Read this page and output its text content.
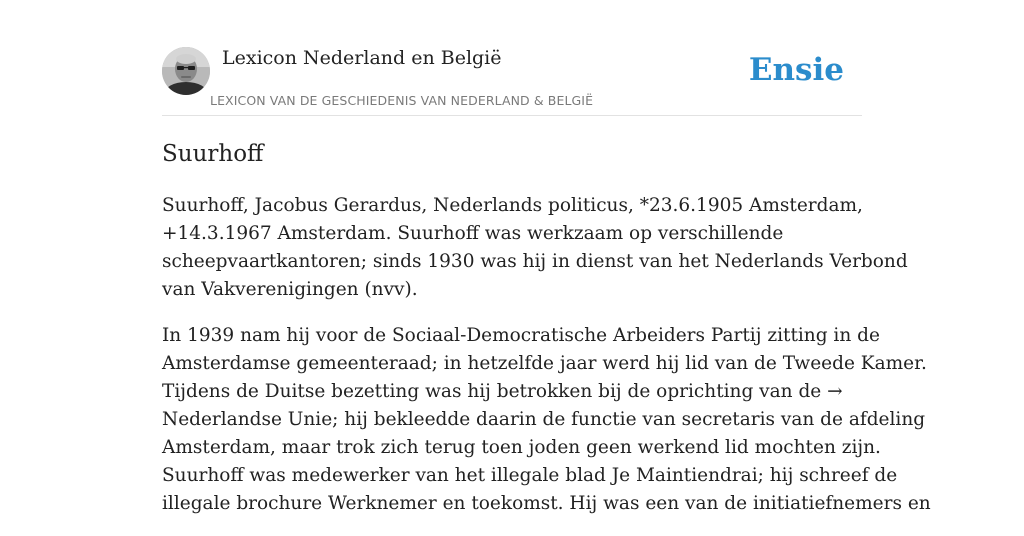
Lexicon Nederland en België
LEXICON VAN DE GESCHIEDENIS VAN NEDERLAND & BELGIË
Ensie
Suurhoff

Suurhoff, Jacobus Gerardus, Nederlands politicus, *23.6.1905 Amsterdam,
+14.3.1967 Amsterdam. Suurhoff was werkzaam op verschillende
scheepvaartkantoren; sinds 1930 was hij in dienst van het Nederlands Verbond
van Vakverenigingen (nvv).

In 1939 nam hij voor de Sociaal-Democratische Arbeiders Partij zitting in de
Amsterdamse gemeenteraad; in hetzelfde jaar werd hij lid van de Tweede Kamer.
Tijdens de Duitse bezetting was hij betrokken bij de oprichting van de →
Nederlandse Unie; hij bekleedde daarin de functie van secretaris van de afdeling
Amsterdam, maar trok zich terug toen joden geen werkend lid mochten zijn.
Suurhoff was medewerker van het illegale blad Je Maintiendrai; hij schreef de
illegale brochure Werknemer en toekomst. Hij was een van de initiatiefnemers en
